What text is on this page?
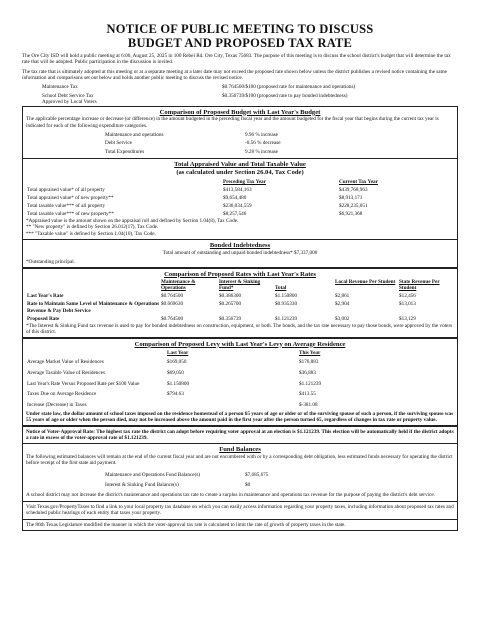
NOTICE OF PUBLIC MEETING TO DISCUSS
BUDGET AND PROPOSED TAX RATE

The Ore City ISD will hold a public meeting at 6:00, August 25, 2025 in 100 Rebel Rd. Ore City, Texas 75683. The purpose of this meeting is to discuss the school district's budget that will determine the tax rate that will be adopted. Public participation in the discussion is invited.

The tax rate that is ultimately adopted at this meeting or at a separate meeting at a later date may not exceed the proposed rate shown below unless the district publishes a revised notice containing the same information and comparisons set out below and holds another public meeting to discuss the revised notice.

Maintenance Tax	$0.764500/$100 (proposed rate for maintenance and operations)
School Debt Service Tax	$0.356739/$100 (proposed rate to pay bonded indebtedness)
Approved by Local Voters
Comparison of Proposed Budget with Last Year's Budget

The applicable percentage increase or decrease (or difference) in the amount budgeted in the preceding fiscal year and the amount budgeted for the fiscal year that begins during the current tax year is indicated for each of the following expenditure categories.

Maintenance and operations	9.96 % increase
Debt Service	-0.56 % decrease
Total Expenditures	9.28 % increase
Total Appraised Value and Total Taxable Value
(as calculated under Section 26.04, Tax Code)
	Preceding Tax Year	Current Tax Year
Total appraised value* of all property	$413,584,163	$439,768,963
Total appraised value* of new property**	$9,654,480	$8,913,171
Total taxable value*** of all property	$236,034,559	$228,235,051
Total taxable value*** of new property**	$8,257,546	$6,921,368
*Appraised value is the amount shown on the appraisal roll and defined by Section 1.04(8), Tax Code.
** "New property" is defined by Section 26.012(17), Tax Code.
*** "Taxable value" is defined by Section 1.04(10), Tax Code.
Bonded Indebtedness
Total amount of outstanding and unpaid bonded indebtedness* $7,337,000
*Outstanding principal.
Comparison of Proposed Rates with Last Year's Rates
	Maintenance & Operations	Interest & Sinking Fund*	Total	Local Revenue Per Student	State Revenue Per Student
Last Year's Rate	$0.764500	$0.386300	$1.150800	$2,861	$12,456
Rate to Maintain Same Level of Maintenance & Operations Revenue & Pay Debt Service	$0.669630	$0.265700	$0.935330	$2,904	$13,013
Proposed Rate	$0.764500	$0.356739	$1.121239	$3,002	$13,129

*The Interest & Sinking Fund tax revenue is used to pay for bonded indebtedness on construction, equipment, or both. The bonds, and the tax rate necessary to pay those bonds, were approved by the voters of this district.

Comparison of Proposed Levy with Last Year's Levy on Average Residence
	Last Year	This Year
Average Market Value of Residences	$169,050	$176,883
Average Taxable Value of Residences	$69,050	$36,883
Last Year's Rate Versus Proposed Rate per $100 Value	$1.150800	$1.121239
Taxes Due on Average Residence	$794.63	$413.55
Increase (Decrease) in Taxes		$-381.08

Under state law, the dollar amount of school taxes imposed on the residence homestead of a person 65 years of age or older or of the surviving spouse of such a person, if the surviving spouse was 55 years of age or older when the person died, may not be increased above the amount paid in the first year after the person turned 65, regardless of changes in tax rate or property value.

Notice of Voter-Approval Rate: The highest tax rate the district can adopt before requiring voter approval at an election is $1.121239. This election will be automatically held if the district adopts a rate in excess of the voter-approval rate of $1.121239.

Fund Balances

The following estimated balances will remain at the end of the current fiscal year and are not encumbered with or by a corresponding debt obligation, less estimated funds necessary for operating the district before receipt of the first state aid payment.

Maintenance and Operations Fund Balance(s)	$7,685,675
Interest & Sinking Fund Balance(s)	$0

A school district may not increase the district's maintenance and operations tax rate to create a surplus in maintenance and operations tax revenue for the purpose of paying the district's debt service.

Visit Texas.gov/PropertyTaxes to find a link to your local property tax database on which you can easily access information regarding your property taxes, including information about proposed tax rates and scheduled public hearings of each entity that taxes your property.

The 86th Texas Legislature modified the manner in which the voter-approval tax rate is calculated to limit the rate of growth of property taxes in the state.
